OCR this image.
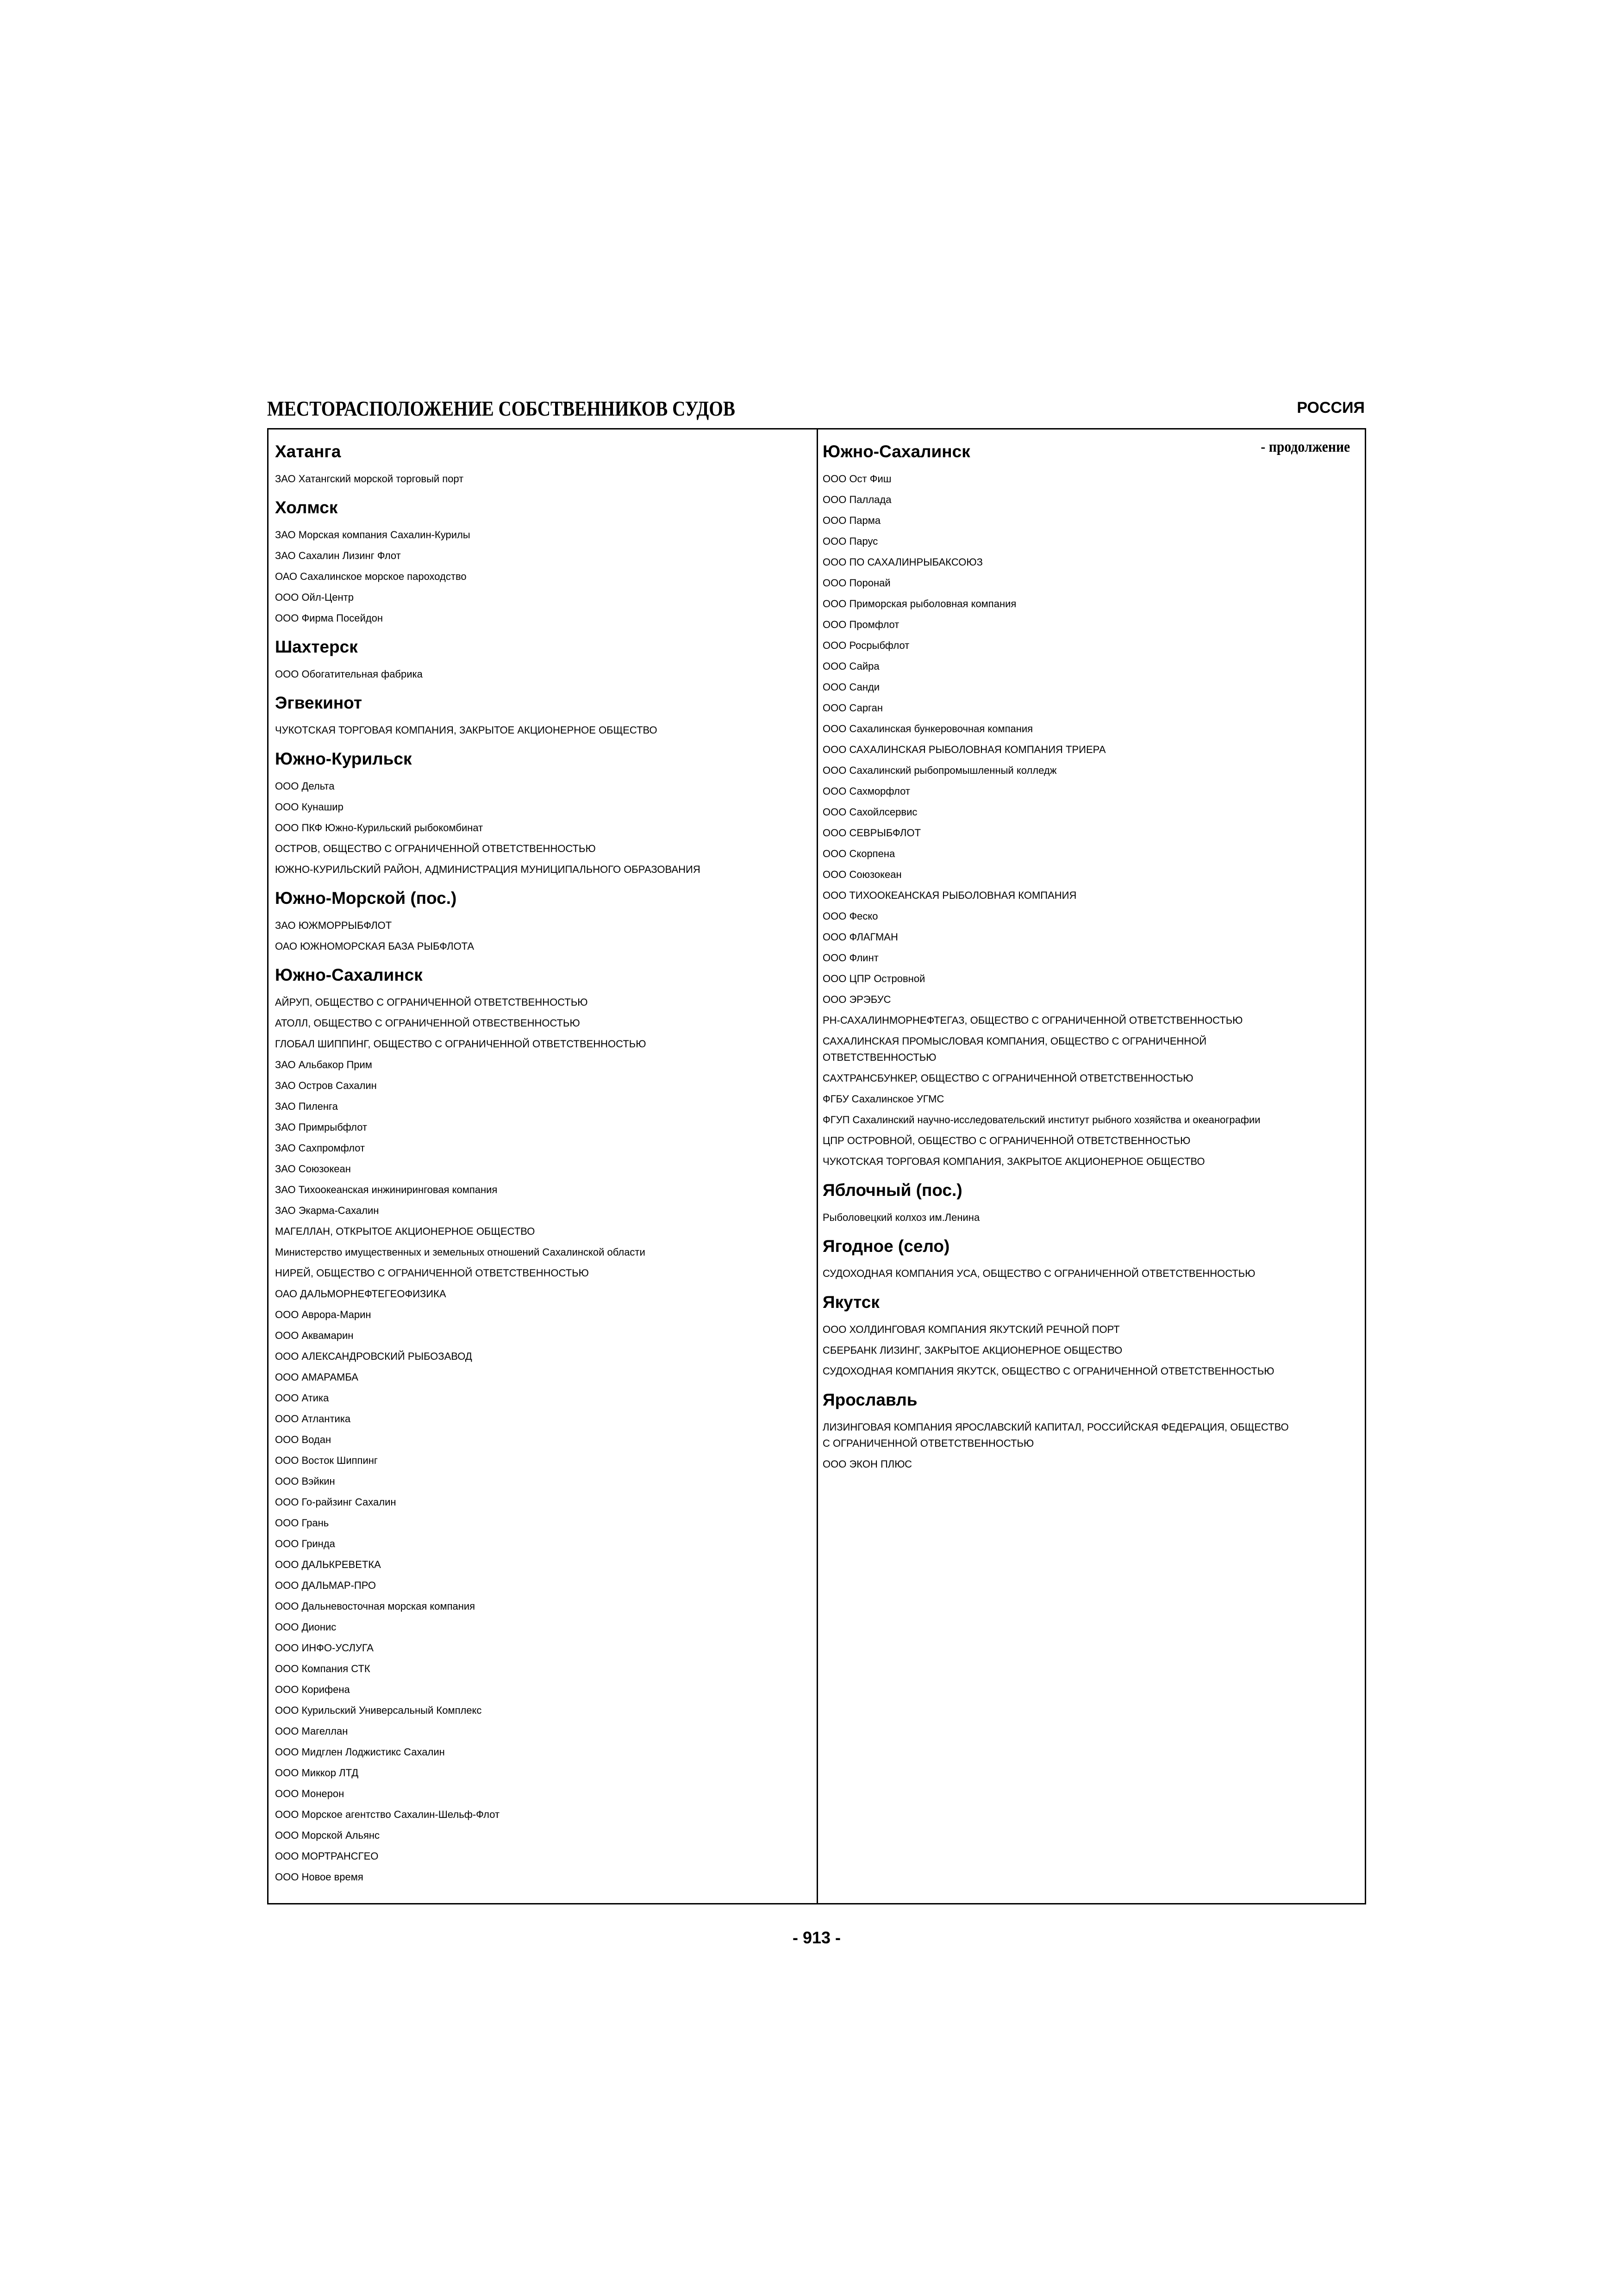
МЕСТОРАСПОЛОЖЕНИЕ СОБСТВЕННИКОВ СУДОВ	РОССИЯ
Хатанга
ЗАО Хатангский морской торговый порт
Холмск
ЗАО Морская компания Сахалин-Курилы
ЗАО Сахалин Лизинг Флот
ОАО Сахалинское морское пароходство
ООО Ойл-Центр
ООО Фирма Посейдон
Шахтерск
ООО Обогатительная фабрика
Эгвекинот
ЧУКОТСКАЯ ТОРГОВАЯ КОМПАНИЯ, ЗАКРЫТОЕ АКЦИОНЕРНОЕ ОБЩЕСТВО
Южно-Курильск
ООО Дельта
ООО Кунашир
ООО ПКФ Южно-Курильский рыбокомбинат
ОСТРОВ, ОБЩЕСТВО С ОГРАНИЧЕННОЙ ОТВЕТСТВЕННОСТЬЮ
ЮЖНО-КУРИЛЬСКИЙ РАЙОН, АДМИНИСТРАЦИЯ МУНИЦИПАЛЬНОГО ОБРАЗОВАНИЯ
Южно-Морской (пос.)
ЗАО ЮЖМОРРЫБФЛОТ
ОАО ЮЖНОМОРСКАЯ БАЗА РЫБФЛОТА
Южно-Сахалинск
АЙРУП, ОБЩЕСТВО С ОГРАНИЧЕННОЙ ОТВЕТСТВЕННОСТЬЮ
АТОЛЛ, ОБЩЕСТВО С ОГРАНИЧЕННОЙ ОТВЕСТВЕННОСТЬЮ
ГЛОБАЛ ШИППИНГ, ОБЩЕСТВО С ОГРАНИЧЕННОЙ ОТВЕТСТВЕННОСТЬЮ
ЗАО Альбакор Прим
ЗАО Остров Сахалин
ЗАО Пиленга
ЗАО Примрыбфлот
ЗАО Сахпромфлот
ЗАО Союзокеан
ЗАО Тихоокеанская инжиниринговая компания
ЗАО Экарма-Сахалин
МАГЕЛЛАН, ОТКРЫТОЕ АКЦИОНЕРНОЕ ОБЩЕСТВО
Министерство имущественных и земельных отношений Сахалинской области
НИРЕЙ, ОБЩЕСТВО С ОГРАНИЧЕННОЙ ОТВЕТСТВЕННОСТЬЮ
ОАО ДАЛЬМОРНЕФТЕГЕОФИЗИКА
ООО Аврора-Марин
ООО Аквамарин
ООО АЛЕКСАНДРОВСКИЙ РЫБОЗАВОД
ООО АМАРАМБА
ООО Атика
ООО Атлантика
ООО Водан
ООО Восток Шиппинг
ООО Вэйкин
ООО Го-райзинг Сахалин
ООО Грань
ООО Гринда
ООО ДАЛЬКРЕВЕТКА
ООО ДАЛЬМАР-ПРО
ООО Дальневосточная морская компания
ООО Дионис
ООО ИНФО-УСЛУГА
ООО Компания СТК
ООО Корифена
ООО Курильский Универсальный Комплекс
ООО Магеллан
ООО Мидглен Лоджистикс Сахалин
ООО Миккор ЛТД
ООО Монерон
ООО Морское агентство Сахалин-Шельф-Флот
ООО Морской Альянс
ООО МОРТРАНСГЕО
ООО Новое время
- продолжение
Южно-Сахалинск
ООО Ост Фиш
ООО Паллада
ООО Парма
ООО Парус
ООО ПО САХАЛИНРЫБАКСОЮЗ
ООО Поронай
ООО Приморская рыболовная компания
ООО Промфлот
ООО Росрыбфлот
ООО Сайра
ООО Санди
ООО Сарган
ООО Сахалинская бункеровочная компания
ООО САХАЛИНСКАЯ РЫБОЛОВНАЯ КОМПАНИЯ ТРИЕРА
ООО Сахалинский рыбопромышленный колледж
ООО Сахморфлот
ООО Сахойлсервис
ООО СЕВРЫБФЛОТ
ООО Скорпена
ООО Союзокеан
ООО ТИХООКЕАНСКАЯ РЫБОЛОВНАЯ КОМПАНИЯ
ООО Феско
ООО ФЛАГМАН
ООО Флинт
ООО ЦПР Островной
ООО ЭРЭБУС
РН-САХАЛИНМОРНЕФТЕГАЗ, ОБЩЕСТВО С ОГРАНИЧЕННОЙ ОТВЕТСТВЕННОСТЬЮ
САХАЛИНСКАЯ ПРОМЫСЛОВАЯ КОМПАНИЯ, ОБЩЕСТВО С ОГРАНИЧЕННОЙ
ОТВЕТСТВЕННОСТЬЮ
САХТРАНСБУНКЕР, ОБЩЕСТВО С ОГРАНИЧЕННОЙ ОТВЕТСТВЕННОСТЬЮ
ФГБУ Сахалинское УГМС
ФГУП Сахалинский научно-исследовательский институт рыбного хозяйства и океанографии
ЦПР ОСТРОВНОЙ, ОБЩЕСТВО С ОГРАНИЧЕННОЙ ОТВЕТСТВЕННОСТЬЮ
ЧУКОТСКАЯ ТОРГОВАЯ КОМПАНИЯ, ЗАКРЫТОЕ АКЦИОНЕРНОЕ ОБЩЕСТВО
Яблочный (пос.)
Рыболовецкий колхоз им.Ленина
Ягодное (село)
СУДОХОДНАЯ КОМПАНИЯ УСА, ОБЩЕСТВО С ОГРАНИЧЕННОЙ ОТВЕТСТВЕННОСТЬЮ
Якутск
ООО ХОЛДИНГОВАЯ КОМПАНИЯ ЯКУТСКИЙ РЕЧНОЙ ПОРТ
СБЕРБАНК ЛИЗИНГ, ЗАКРЫТОЕ АКЦИОНЕРНОЕ ОБЩЕСТВО
СУДОХОДНАЯ КОМПАНИЯ ЯКУТСК, ОБЩЕСТВО С ОГРАНИЧЕННОЙ ОТВЕТСТВЕННОСТЬЮ
Ярославль
ЛИЗИНГОВАЯ КОМПАНИЯ ЯРОСЛАВСКИЙ КАПИТАЛ, РОССИЙСКАЯ ФЕДЕРАЦИЯ, ОБЩЕСТВО
С ОГРАНИЧЕННОЙ ОТВЕТСТВЕННОСТЬЮ
ООО ЭКОН ПЛЮС
- 913 -
